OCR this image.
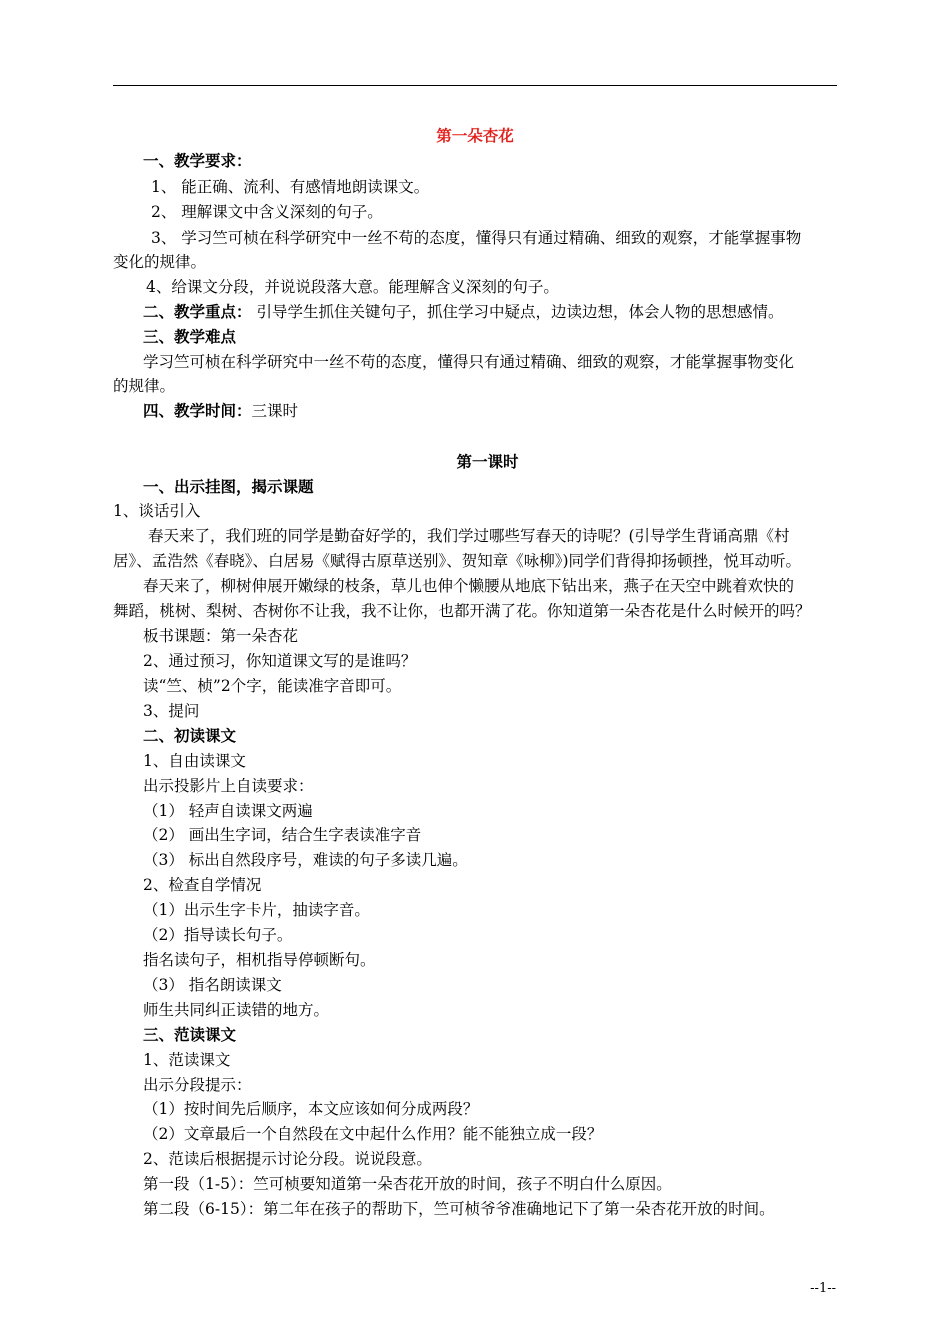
第一朵杏花
一、教学要求：
1、 能正确、流利、有感情地朗读课文。
2、 理解课文中含义深刻的句子。
3、 学习竺可桢在科学研究中一丝不苟的态度，懂得只有通过精确、细致的观察，才能掌握事物
变化的规律。
4、给课文分段，并说说段落大意。能理解含义深刻的句子。
二、教学重点： 引导学生抓住关键句子，抓住学习中疑点，边读边想，体会人物的思想感情。
三、教学难点
学习竺可桢在科学研究中一丝不苟的态度，懂得只有通过精确、细致的观察，才能掌握事物变化
的规律。
四、教学时间：三课时
第一课时
一、出示挂图，揭示课题
1、谈话引入
春天来了，我们班的同学是勤奋好学的，我们学过哪些写春天的诗呢？(引导学生背诵高鼎《村
居》、孟浩然《春晓》、白居易《赋得古原草送别》、贺知章《咏柳》)同学们背得抑扬顿挫，悦耳动听。
春天来了，柳树伸展开嫩绿的枝条，草儿也伸个懒腰从地底下钻出来，燕子在天空中跳着欢快的
舞蹈，桃树、梨树、杏树你不让我，我不让你，也都开满了花。你知道第一朵杏花是什么时候开的吗？
板书课题：第一朵杏花
2、通过预习，你知道课文写的是谁吗？
读“竺、桢”2个字，能读准字音即可。
3、提问
二、初读课文
1、自由读课文
出示投影片上自读要求：
（1） 轻声自读课文两遍
（2） 画出生字词，结合生字表读准字音
（3） 标出自然段序号，难读的句子多读几遍。
2、检查自学情况
（1）出示生字卡片，抽读字音。
（2）指导读长句子。
指名读句子，相机指导停顿断句。
（3） 指名朗读课文
师生共同纠正读错的地方。
三、范读课文
1、范读课文
出示分段提示：
（1）按时间先后顺序，本文应该如何分成两段？
（2）文章最后一个自然段在文中起什么作用？能不能独立成一段？
2、范读后根据提示讨论分段。说说段意。
第一段（1-5）：竺可桢要知道第一朵杏花开放的时间，孩子不明白什么原因。
第二段（6-15）：第二年在孩子的帮助下，竺可桢爷爷准确地记下了第一朵杏花开放的时间。
--1--
